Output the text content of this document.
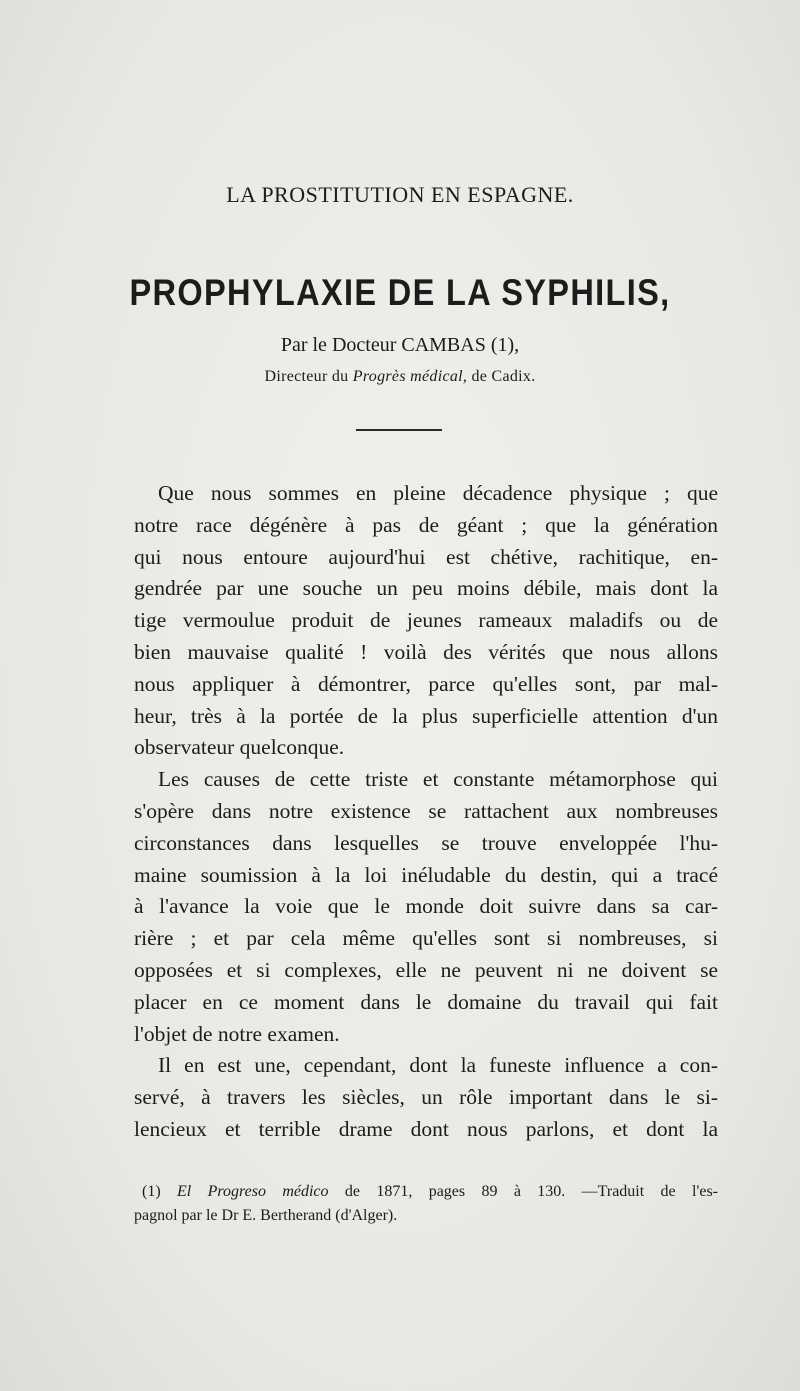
LA PROSTITUTION EN ESPAGNE.
PROPHYLAXIE DE LA SYPHILIS,
Par le Docteur CAMBAS (1),
Directeur du Progrès médical, de Cadix.

Que nous sommes en pleine décadence physique ; que
notre race dégénère à pas de géant ; que la génération
qui nous entoure aujourd'hui est chétive, rachitique, en-
gendrée par une souche un peu moins débile, mais dont la
tige vermoulue produit de jeunes rameaux maladifs ou de
bien mauvaise qualité ! voilà des vérités que nous allons
nous appliquer à démontrer, parce qu'elles sont, par mal-
heur, très à la portée de la plus superficielle attention d'un
observateur quelconque.

Les causes de cette triste et constante métamorphose qui
s'opère dans notre existence se rattachent aux nombreuses
circonstances dans lesquelles se trouve enveloppée l'hu-
maine soumission à la loi inéludable du destin, qui a tracé
à l'avance la voie que le monde doit suivre dans sa car-
rière ; et par cela même qu'elles sont si nombreuses, si
opposées et si complexes, elle ne peuvent ni ne doivent se
placer en ce moment dans le domaine du travail qui fait
l'objet de notre examen.

Il en est une, cependant, dont la funeste influence a con-
servé, à travers les siècles, un rôle important dans le si-
lencieux et terrible drame dont nous parlons, et dont la

(1) El Progreso médico de 1871, pages 89 à 130. —Traduit de l'es-
pagnol par le Dr E. Bertherand (d'Alger).
